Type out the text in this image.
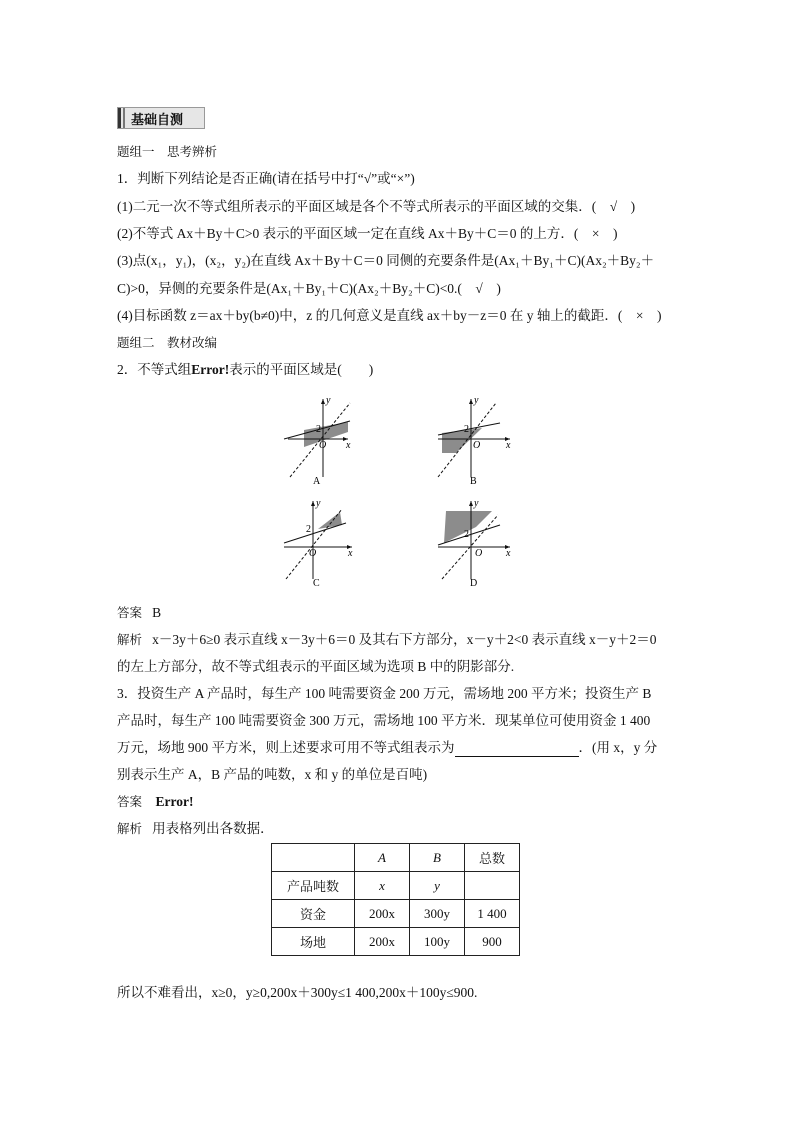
基础自测
题组一　思考辨析
1．判断下列结论是否正确(请在括号中打“√”或“×”)
(1)二元一次不等式组所表示的平面区域是各个不等式所表示的平面区域的交集．(　√　)
(2)不等式 Ax＋By＋C>0 表示的平面区域一定在直线 Ax＋By＋C＝0 的上方．(　×　)
(3)点(x₁，y₁)，(x₂，y₂)在直线 Ax＋By＋C＝0 同侧的充要条件是(Ax₁＋By₁＋C)(Ax₂＋By₂＋
C)>0，异侧的充要条件是(Ax₁＋By₁＋C)(Ax₂＋By₂＋C)<0.(　√　)
(4)目标函数 z＝ax＋by(b≠0)中，z 的几何意义是直线 ax＋by－z＝0 在 y 轴上的截距．(　×　)
题组二　教材改编
2．不等式组Error!表示的平面区域是(　　)
y
x
O
2
A
y
x
O
2
B
y
x
O
2
C
y
x
O
2
D
答案 B
解析 x－3y＋6≥0 表示直线 x－3y＋6＝0 及其右下方部分，x－y＋2<0 表示直线 x－y＋2＝0
的左上方部分，故不等式组表示的平面区域为选项 B 中的阴影部分.
3．投资生产 A 产品时，每生产 100 吨需要资金 200 万元，需场地 200 平方米；投资生产 B
产品时，每生产 100 吨需要资金 300 万元，需场地 100 平方米．现某单位可使用资金 1 400
万元，场地 900 平方米，则上述要求可用不等式组表示为	．(用 x，y 分
别表示生产 A，B 产品的吨数，x 和 y 的单位是百吨)
答案 Error!
解析 用表格列出各数据．
	A	B	总数
产品吨数	x	y	
资金	200x	300y	1 400
场地	200x	100y	900
所以不难看出，x≥0，y≥0,200x＋300y≤1 400,200x＋100y≤900.
